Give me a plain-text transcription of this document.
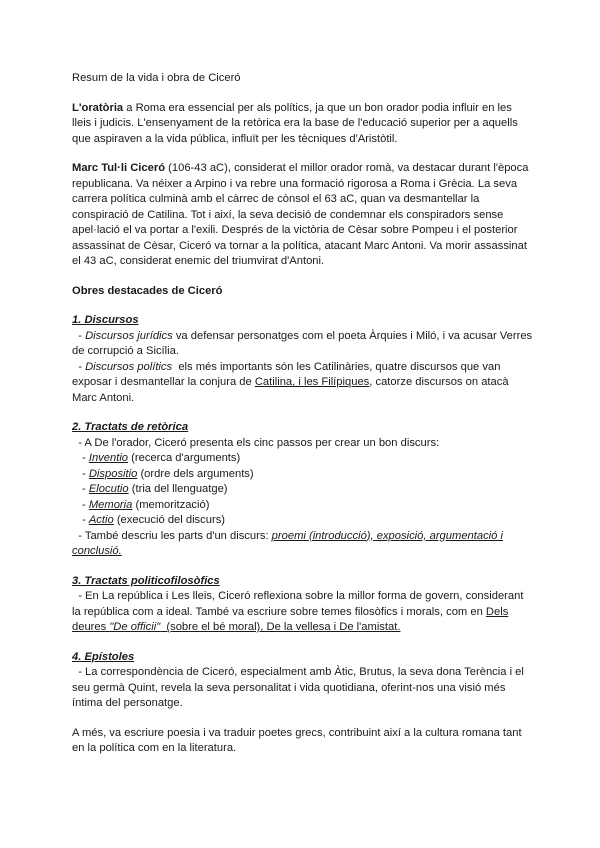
Resum de la vida i obra de Ciceró

L'oratòria a Roma era essencial per als polítics, ja que un bon orador podia influir en les lleis i judicis. L'ensenyament de la retòrica era la base de l'educació superior per a aquells que aspiraven a la vida pública, influït per les tècniques d'Aristòtil.

Marc Tul·li Ciceró (106-43 aC), considerat el millor orador romà, va destacar durant l'època republicana. Va néixer a Arpino i va rebre una formació rigorosa a Roma i Grècia. La seva carrera política culminà amb el càrrec de cònsol el 63 aC, quan va desmantellar la conspiració de Catilina. Tot i així, la seva decisió de condemnar els conspiradors sense apel·lació el va portar a l'exili. Després de la victòria de Cèsar sobre Pompeu i el posterior assassinat de Cèsar, Ciceró va tornar a la política, atacant Marc Antoni. Va morir assassinat el 43 aC, considerat enemic del triumvirat d'Antoni.

Obres destacades de Ciceró

1. Discursos

- Discursos jurídics va defensar personatges com el poeta Àrquies i Miló, i va acusar Verres de corrupció a Sicília.

- Discursos polítics  els més importants són les Catilinàries, quatre discursos que van exposar i desmantellar la conjura de Catilina, i les Filípiques, catorze discursos on atacà Marc Antoni.

2. Tractats de retòrica
- A De l'orador, Ciceró presenta els cinc passos per crear un bon discurs:
- Inventio (recerca d'arguments)
- Dispositio (ordre dels arguments)
- Elocutio (tria del llenguatge)
- Memoria (memorització)
- Actio (execució del discurs)

- També descriu les parts d'un discurs: proemi (introducció), exposició, argumentació i conclusió.

3. Tractats politicofilosòfics

- En La república i Les lleis, Ciceró reflexiona sobre la millor forma de govern, considerant la república com a ideal. També va escriure sobre temes filosòfics i morals, com en Dels deures "De officii"  (sobre el bé moral), De la vellesa i De l'amistat.

4. Epístoles

- La correspondència de Ciceró, especialment amb Àtic, Brutus, la seva dona Terència i el seu germà Quint, revela la seva personalitat i vida quotidiana, oferint-nos una visió més íntima del personatge.

A més, va escriure poesia i va traduir poetes grecs, contribuint així a la cultura romana tant en la política com en la literatura.
